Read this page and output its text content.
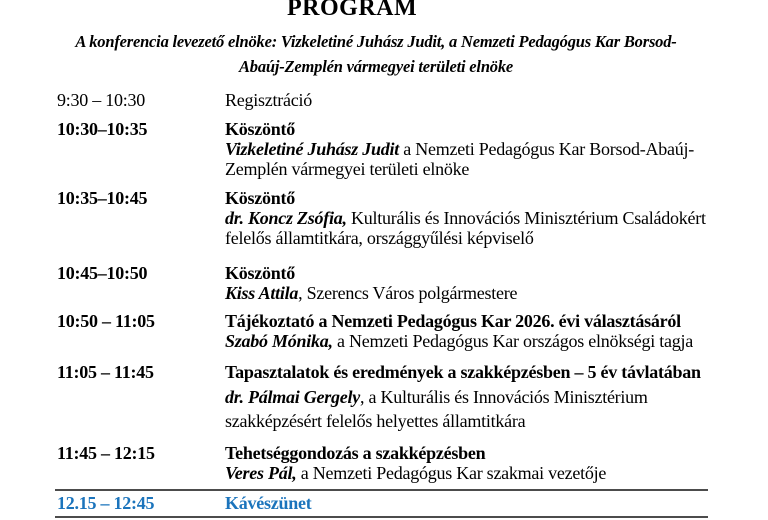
PROGRAM
A konferencia levezető elnöke: Vizkeletiné Juhász Judit, a Nemzeti Pedagógus Kar Borsod-
Abaúj-Zemplén vármegyei területi elnöke
9:30 – 10:30	Regisztráció
10:30–10:35	Köszöntő
Vizkeletiné Juhász Judit a Nemzeti Pedagógus Kar Borsod-Abaúj-
Zemplén vármegyei területi elnöke
10:35–10:45	Köszöntő
dr. Koncz Zsófia, Kulturális és Innovációs Minisztérium Családokért
felelős államtitkára, országgyűlési képviselő
10:45–10:50	Köszöntő
Kiss Attila, Szerencs Város polgármestere
10:50 – 11:05	Tájékoztató a Nemzeti Pedagógus Kar 2026. évi választásáról
Szabó Mónika, a Nemzeti Pedagógus Kar országos elnökségi tagja
11:05 – 11:45	Tapasztalatok és eredmények a szakképzésben – 5 év távlatában
dr. Pálmai Gergely, a Kulturális és Innovációs Minisztérium
szakképzésért felelős helyettes államtitkára
11:45 – 12:15	Tehetséggondozás a szakképzésben
Veres Pál, a Nemzeti Pedagógus Kar szakmai vezetője
12.15 – 12:45	Kávészünet
